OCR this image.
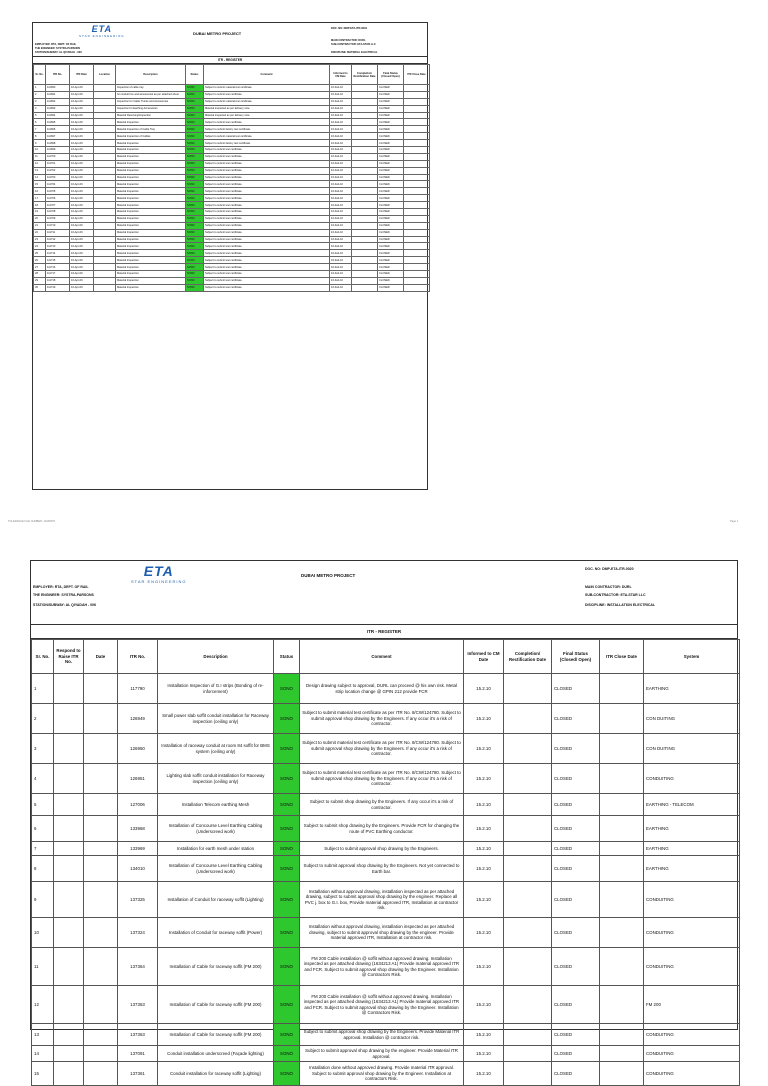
ETA
STAR ENGINEERING	DUBAI METRO PROJECT
EMPLOYER: RTA, DEPT. OF RAIL
THE ENGINEER: SYSTRA-PARSONS
STATION/SUBWAY: AL QIYADAH - 006
DOC. NO: DMP-ETA-ITR-0019
MAIN CONTRACTOR: DURL
SUB-CONTRACTOR: ETA-STAR LLC
DISCIPLINE: MATERIAL ELECTRICAL
ITR - REGISTER
Sr. No.	ITR No.	ITR Date	Location	Description	Status	Comment	Informed to CM Date	Completion/ Rectification Date	Final Status (Closed/ Open)	ITR Close Date
1	111690	16-Apr-09		Inspection of cable tray	SONO	Subject to submit material test certificate.	16-Feb-10		CLOSED	
2	111691	16-Apr-09		GI conduit box and accessories as per attached sheet	SONO	Subject to submit test certificate.	16-Feb-10		CLOSED	
3	111692	16-Apr-09		Inspection for Cable Trunks and Accessories	SONO	Subject to submit material test certificate.	16-Feb-10		CLOSED	
4	111693	16-Apr-09		Inspection for Earthing Accessories	SONO	Material inspected as per delivery note.	16-Feb-10		CLOSED	
5	111694	16-Apr-09		Material Receiving/Inspection	SONO	Material inspected as per delivery note.	16-Feb-10		CLOSED	
6	111695	16-Apr-09		Material Inspection	SONO	Subject to submit test certificate.	16-Feb-10		CLOSED	
7	111696	16-Apr-09		Material Inspection of Cable Tray	SONO	Subject to submit factory test certificate.	16-Feb-10		CLOSED	
8	111697	16-Apr-09		Material Inspection of Cables	SONO	Subject to submit material test certificate.	16-Feb-10		CLOSED	
9	111698	16-Apr-09		Material Inspection	SONO	Subject to submit factory test certificate.	16-Feb-10		CLOSED	
10	111699	16-Apr-09		Material Inspection	SONO	Subject to submit test certificate.	16-Feb-10		CLOSED	
11	111700	16-Apr-09		Material Inspection	SONO	Subject to submit test certificate.	16-Feb-10		CLOSED	
12	111701	16-Apr-09		Material Inspection	SONO	Subject to submit test certificate.	16-Feb-10		CLOSED	
13	111702	16-Apr-09		Material Inspection	SONO	Subject to submit test certificate.	16-Feb-10		CLOSED	
14	111703	16-Apr-09		Material Inspection	SONO	Subject to submit test certificate.	16-Feb-10		CLOSED	
15	111704	16-Apr-09		Material Inspection	SONO	Subject to submit test certificate.	16-Feb-10		CLOSED	
16	111705	16-Apr-09		Material Inspection	SONO	Subject to submit test certificate.	16-Feb-10		CLOSED	
17	111706	16-Apr-09		Material Inspection	SONO	Subject to submit test certificate.	16-Feb-10		CLOSED	
18	111707	16-Apr-09		Material Inspection	SONO	Subject to submit test certificate.	16-Feb-10		CLOSED	
19	111708	16-Apr-09		Material Inspection	SONO	Subject to submit test certificate.	16-Feb-10		CLOSED	
20	111709	16-Apr-09		Material Inspection	SONO	Subject to submit test certificate.	16-Feb-10		CLOSED	
21	111710	16-Apr-09		Material Inspection	SONO	Subject to submit test certificate.	16-Feb-10		CLOSED	
22	111711	16-Apr-09		Material Inspection	SONO	Subject to submit test certificate.	16-Feb-10		CLOSED	
23	111712	16-Apr-09		Material Inspection	SONO	Subject to submit test certificate.	16-Feb-10		CLOSED	
24	111713	16-Apr-09		Material Inspection	SONO	Subject to submit test certificate.	16-Feb-10		CLOSED	
25	111714	16-Apr-09		Material Inspection	SONO	Subject to submit test certificate.	16-Feb-10		CLOSED	
26	111715	16-Apr-09		Material Inspection	SONO	Subject to submit test certificate.	16-Feb-10		CLOSED	
27	111716	16-Apr-09		Material Inspection	SONO	Subject to submit test certificate.	16-Feb-10		CLOSED	
28	111717	16-Apr-09		Material Inspection	SONO	Subject to submit test certificate.	16-Feb-10		CLOSED	
29	111718	16-Apr-09		Material Inspection	SONO	Subject to submit test certificate.	16-Feb-10		CLOSED	
30	111719	16-Apr-09		Material Inspection	SONO	Subject to submit test certificate.	16-Feb-10		CLOSED	
TOLERANCE FILE NUMBER: 12345678	Page 1
ETA
STAR ENGINEERING
DUBAI METRO PROJECT
EMPLOYER: RTA, DEPT. OF RAIL
THE ENGINEER: SYSTRA-PARSONS
STATION/SUBWAY: AL QIYADAH - 006
DOC. NO: DMP-ETA-ITR-0020
MAIN CONTRACTOR: DURL
SUB-CONTRACTOR: ETA-STAR LLC
DISCIPLINE: INSTALLATION ELECTRICAL
ITR - REGISTER
Sr. No.	Respond to Raise ITR No.	Date	ITR No.	Description	Status	Comment	Informed to CM Date	Completion/ Rectification Date	Final Status (Closed/ Open)	ITR Close Date	System
1			117790	Installation Inspection of G.I strips (Bonding of re-inforcement)	SONO	Design drawing subject to approval, DURL can proceed @ his own risk. Metal strip location change @ GPIN 212 provide FCR	15.2.10		CLOSED		EARTHING
2			126949	Small power slab soffit conduit installation for Raceway inspection (ceiling only)	SONO	Subject to submit material test certificate as per ITR No. 8/CW/124780. Subject to submit approval shop drawing by the Engineers. If any occur it's a risk of contractor.	15.2.10		CLOSED		CON DUITING
3			126950	Installation of raceway conduit at room 84 soffit for BMS system (ceiling only)	SONO	Subject to submit material test certificate as per ITR No. 8/CW/124780. Subject to submit approval shop drawing by the Engineers. If any occur it's a risk of contractor.	15.2.10		CLOSED		CON DUITING
4			126951	Lighting slab soffit conduit installation for Raceway inspection (ceiling only)	SONO	Subject to submit material test certificate as per ITR No. 8/CW/124780. Subject to submit approval shop drawing by the Engineers. If any occur it's a risk of contractor.	15.2.10		CLOSED		CONDUITING
5			127006	Installation Telecom earthing Mesh	SONO	Subject to submit shop drawing by the Engineers. If any occur it's a risk of contractor.	15.2.10		CLOSED		EARTHING - TELECOM
6			133968	Installation of Concourse Level Earthing Cabling (Underscreed work)	SONO	Subject to submit shop drawing by the Engineers. Provide FCR for changing the route of PVC Earthing conductor.	15.2.10		CLOSED		EARTHING
7			133969	Installation for earth mesh under station	SONO	Subject to submit approval shop drawing by the Engineers.	15.2.10		CLOSED		EARTHING
8			134010	Installation of Concourse Level Earthing Cabling (Underscreed work)	SONO	Subject to submit approval shop drawing by the Engineers. Not yet connected to Earth bar.	15.2.10		CLOSED		EARTHING
9			137325	Installation of Conduit for raceway soffit (Lighting)	SONO	Installation without approval drawing, installation inspected as per attached drawing, subject to submit approval shop drawing by the engineer. Replace all PVC j. box to G.I. box, Provide material approved ITR, Installation at contractor risk.	15.2.10		CLOSED		CONDUITING
10			137324	Installation of Conduit for raceway soffit (Power)	SONO	Installation without approval drawing, installation inspected as per attached drawing, subject to submit approval shop drawing by the engineer. Provide material approved ITR, Installation at contractor risk.	15.2.10		CLOSED		CONDUITING
11			137364	Installation of Cable for raceway soffit (FM 200)	SONO	FM 200 Cable installation @ soffit without approved drawing. Installation inspected as per attached drawing (1634213 A1) Provide material approved ITR and FCR. Subject to submit approval shop drawing by the Engineer. Installation @ Contractors Risk.	15.2.10		CLOSED		CONDUITING
12			137363	Installation of Cable for raceway soffit (FM 200)	SONO	FM 200 Cable installation @ soffit without approved drawing. Installation inspected as per attached drawing (1634213 A1) Provide material approved ITR and FCR. Subject to submit approval shop drawing by the Engineer. Installation @ Contractors Risk.	15.2.10		CLOSED		FM 200
13			137363	Installation of Cable for raceway soffit (FM 200)	SONO	Subject to submit approval shop drawing by the Engineers. Provide Material ITR approval. Installation @ contractor risk.	15.2.10		CLOSED		CONDUITING
14			137091	Conduit installation underscreed (Façade lighting)	SONO	Subject to submit approval shop drawing by the engineer. Provide Material ITR approval.	15.2.10		CLOSED		CONDUITING
15			137361	Conduit installation for raceway soffit (Lighting)	SONO	Installation done without approved drawing. Provide material ITR approval. Subject to submit approval shop drawing by the Engineer. Installation at contractors Risk.	15.2.10		CLOSED		CONDUITING
